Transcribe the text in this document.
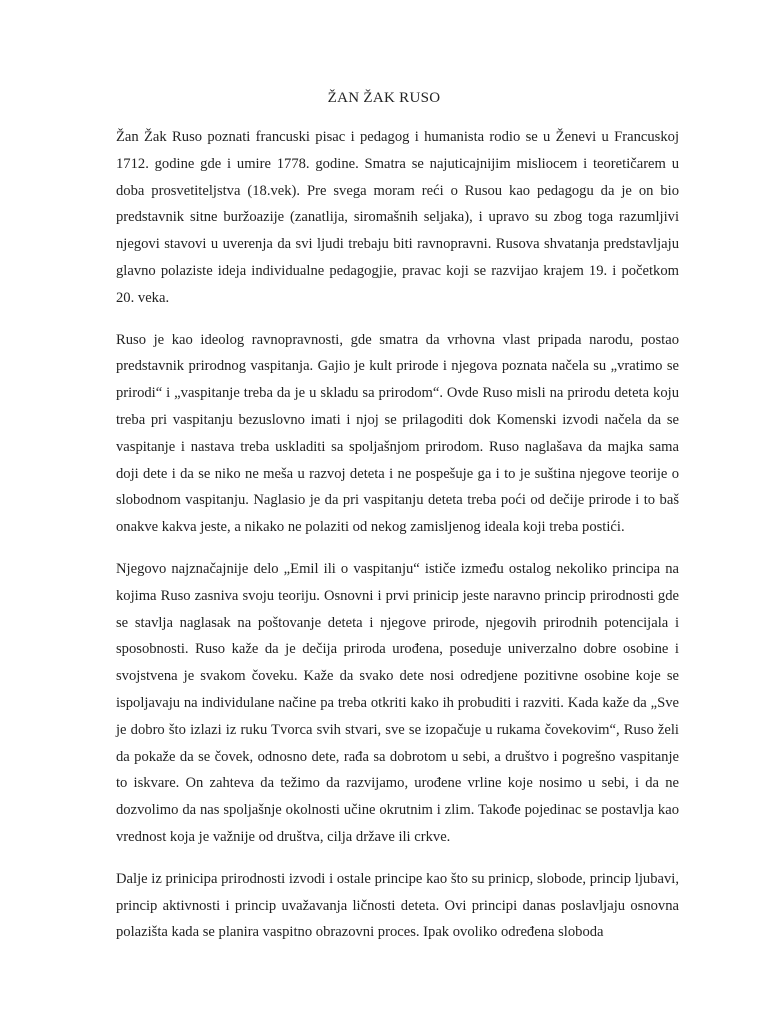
ŽAN ŽAK RUSO

Žan Žak Ruso poznati francuski pisac i pedagog i humanista rodio se u Ženevi u Francuskoj 1712. godine gde i umire 1778. godine. Smatra se najuticajnijim misliocem i teoretičarem u doba prosvetiteljstva (18.vek). Pre svega moram reći o Rusou kao pedagogu da je on bio predstavnik sitne buržoazije (zanatlija, siromašnih seljaka), i upravo su zbog toga razumljivi njegovi stavovi u uverenja da svi ljudi trebaju biti ravnopravni. Rusova shvatanja predstavljaju glavno polaziste ideja individualne pedagogjie, pravac koji se razvijao krajem 19. i početkom 20. veka.

Ruso je kao ideolog ravnopravnosti, gde smatra da vrhovna vlast pripada narodu, postao predstavnik prirodnog vaspitanja. Gajio je kult prirode i njegova poznata načela su „vratimo se prirodi“ i „vaspitanje treba da je u skladu sa prirodom“. Ovde Ruso misli na prirodu deteta koju treba pri vaspitanju bezuslovno imati i njoj se prilagoditi dok Komenski izvodi načela da se vaspitanje i nastava treba uskladiti sa spoljašnjom prirodom. Ruso naglašava da majka sama doji dete i da se niko ne meša u razvoj deteta i ne pospešuje ga i to je suština njegove teorije o slobodnom vaspitanju. Naglasio je da pri vaspitanju deteta treba poći od dečije prirode i to baš onakve kakva jeste, a nikako ne polaziti od nekog zamisljenog ideala koji treba postići.

Njegovo najznačajnije delo „Emil ili o vaspitanju“ ističe između ostalog nekoliko principa na kojima Ruso zasniva svoju teoriju. Osnovni i prvi prinicip jeste naravno princip prirodnosti gde se stavlja naglasak na poštovanje deteta i njegove prirode, njegovih prirodnih potencijala i sposobnosti. Ruso kaže da je dečija priroda urođena, poseduje univerzalno dobre osobine i svojstvena je svakom čoveku. Kaže da svako dete nosi odredjene pozitivne osobine koje se ispoljavaju na individulane načine pa treba otkriti kako ih probuditi i razviti. Kada kaže da „Sve je dobro što izlazi iz ruku Tvorca svih stvari, sve se izopačuje u rukama čovekovim“, Ruso želi da pokaže da se čovek, odnosno dete, rađa sa dobrotom u sebi, a društvo i pogrešno vaspitanje to iskvare. On zahteva da težimo da razvijamo, urođene vrline koje nosimo u sebi, i da ne dozvolimo da nas spoljašnje okolnosti učine okrutnim i zlim. Takođe pojedinac se postavlja kao vrednost koja je važnije od društva, cilja države ili crkve.

Dalje iz prinicipa prirodnosti izvodi i ostale principe kao što su prinicp, slobode, princip ljubavi, princip aktivnosti i princip uvažavanja ličnosti deteta. Ovi principi danas poslavljaju osnovna polazišta kada se planira vaspitno obrazovni proces. Ipak ovoliko određena sloboda
